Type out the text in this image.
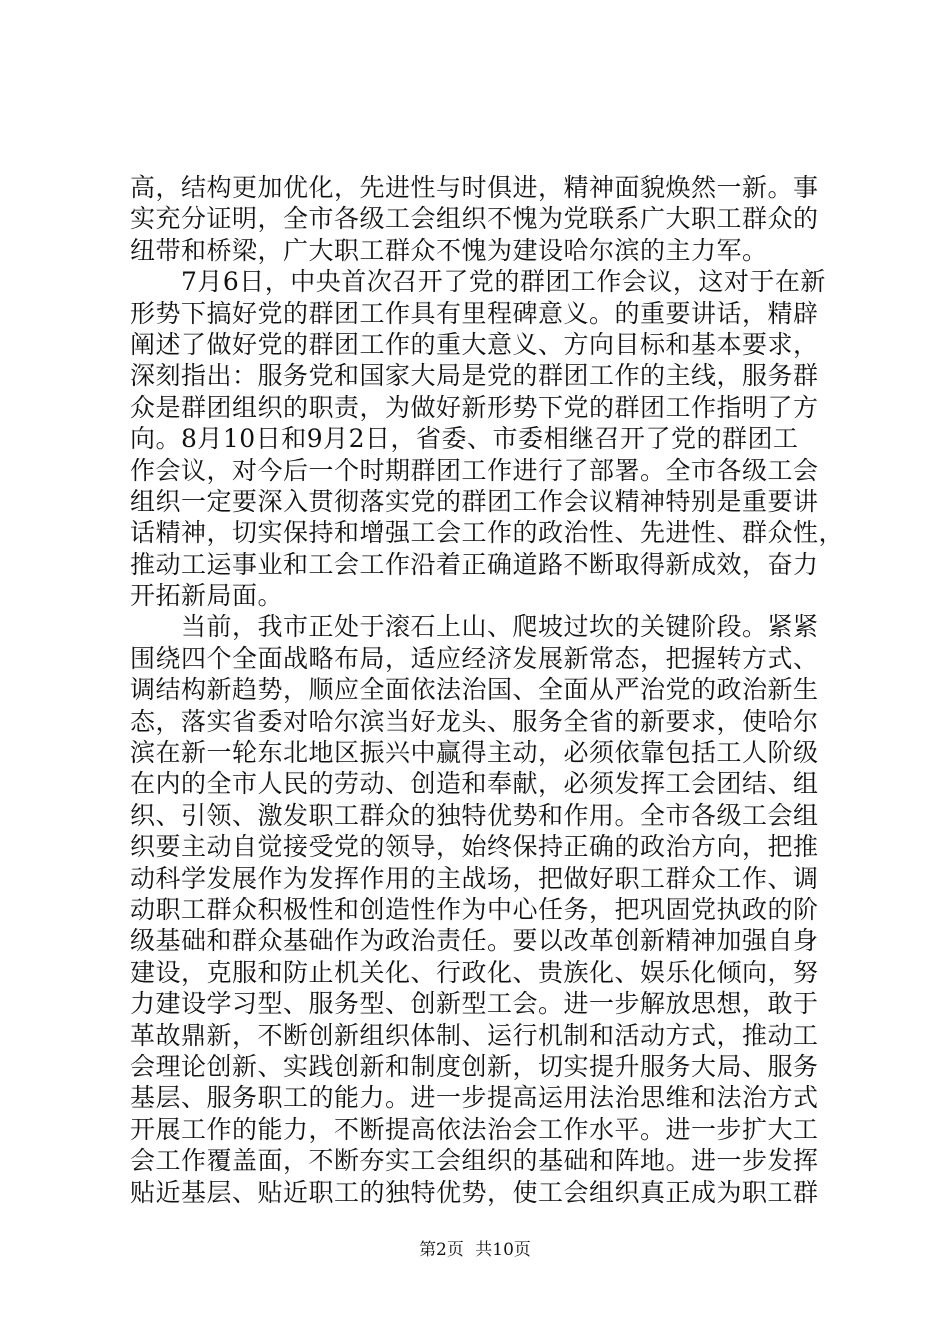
高，结构更加优化，先进性与时俱进，精神面貌焕然一新。事
实充分证明，全市各级工会组织不愧为党联系广大职工群众的
纽带和桥梁，广大职工群众不愧为建设哈尔滨的主力军。
　　7月6日，中央首次召开了党的群团工作会议，这对于在新
形势下搞好党的群团工作具有里程碑意义。的重要讲话，精辟
阐述了做好党的群团工作的重大意义、方向目标和基本要求，
深刻指出：服务党和国家大局是党的群团工作的主线，服务群
众是群团组织的职责，为做好新形势下党的群团工作指明了方
向。8月10日和9月2日，省委、市委相继召开了党的群团工
作会议，对今后一个时期群团工作进行了部署。全市各级工会
组织一定要深入贯彻落实党的群团工作会议精神特别是重要讲
话精神，切实保持和增强工会工作的政治性、先进性、群众性，
推动工运事业和工会工作沿着正确道路不断取得新成效，奋力
开拓新局面。
　　当前，我市正处于滚石上山、爬坡过坎的关键阶段。紧紧
围绕四个全面战略布局，适应经济发展新常态，把握转方式、
调结构新趋势，顺应全面依法治国、全面从严治党的政治新生
态，落实省委对哈尔滨当好龙头、服务全省的新要求，使哈尔
滨在新一轮东北地区振兴中赢得主动，必须依靠包括工人阶级
在内的全市人民的劳动、创造和奉献，必须发挥工会团结、组
织、引领、激发职工群众的独特优势和作用。全市各级工会组
织要主动自觉接受党的领导，始终保持正确的政治方向，把推
动科学发展作为发挥作用的主战场，把做好职工群众工作、调
动职工群众积极性和创造性作为中心任务，把巩固党执政的阶
级基础和群众基础作为政治责任。要以改革创新精神加强自身
建设，克服和防止机关化、行政化、贵族化、娱乐化倾向，努
力建设学习型、服务型、创新型工会。进一步解放思想，敢于
革故鼎新，不断创新组织体制、运行机制和活动方式，推动工
会理论创新、实践创新和制度创新，切实提升服务大局、服务
基层、服务职工的能力。进一步提高运用法治思维和法治方式
开展工作的能力，不断提高依法治会工作水平。进一步扩大工
会工作覆盖面，不断夯实工会组织的基础和阵地。进一步发挥
贴近基层、贴近职工的独特优势，使工会组织真正成为职工群
第2页 共10页
